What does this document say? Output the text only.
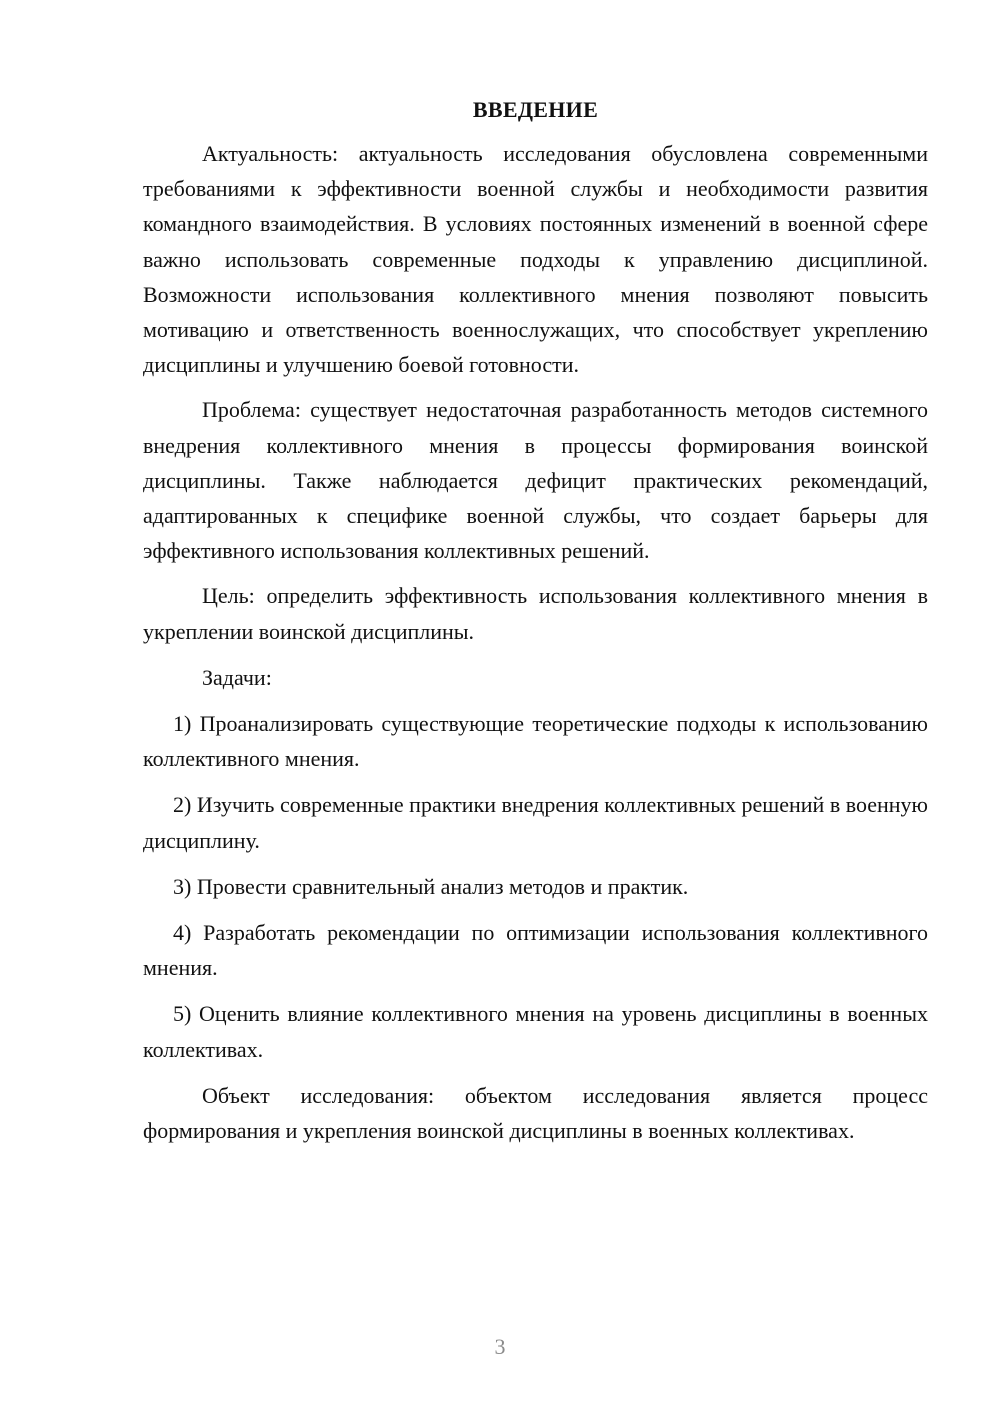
ВВЕДЕНИЕ

Актуальность: актуальность исследования обусловлена современными требованиями к эффективности военной службы и необходимости развития командного взаимодействия. В условиях постоянных изменений в военной сфере важно использовать современные подходы к управлению дисциплиной. Возможности использования коллективного мнения позволяют повысить мотивацию и ответственность военнослужащих, что способствует укреплению дисциплины и улучшению боевой готовности.

Проблема: существует недостаточная разработанность методов системного внедрения коллективного мнения в процессы формирования воинской дисциплины. Также наблюдается дефицит практических рекомендаций, адаптированных к специфике военной службы, что создает барьеры для эффективного использования коллективных решений.

Цель: определить эффективность использования коллективного мнения в укреплении воинской дисциплины.

Задачи:

1) Проанализировать существующие теоретические подходы к использованию коллективного мнения.

2) Изучить современные практики внедрения коллективных решений в военную дисциплину.

3) Провести сравнительный анализ методов и практик.

4) Разработать рекомендации по оптимизации использования коллективного мнения.

5) Оценить влияние коллективного мнения на уровень дисциплины в военных коллективах.

Объект исследования: объектом исследования является процесс формирования и укрепления воинской дисциплины в военных коллективах.

3
